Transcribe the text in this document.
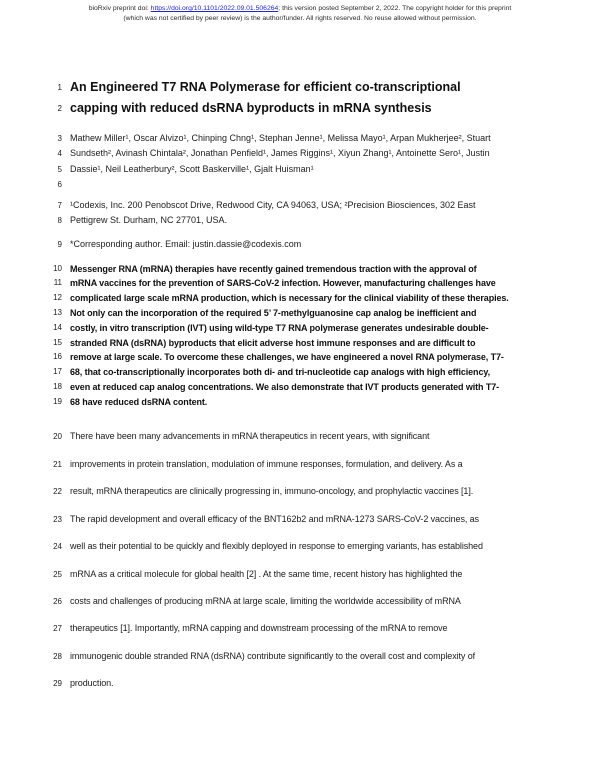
bioRxiv preprint doi: https://doi.org/10.1101/2022.09.01.506264; this version posted September 2, 2022. The copyright holder for this preprint
(which was not certified by peer review) is the author/funder. All rights reserved. No reuse allowed without permission.
1 An Engineered T7 RNA Polymerase for efficient co-transcriptional
2 capping with reduced dsRNA byproducts in mRNA synthesis
3 Mathew Miller¹, Oscar Alvizo¹, Chinping Chng¹, Stephan Jenne¹, Melissa Mayo¹, Arpan Mukherjee², Stuart
4 Sundseth², Avinash Chintala², Jonathan Penfield¹, James Riggins¹, Xiyun Zhang¹, Antoinette Sero¹, Justin
5 Dassie¹, Neil Leatherbury², Scott Baskerville¹, Gjalt Huisman¹
6
7 ¹Codexis, Inc. 200 Penobscot Drive, Redwood City, CA 94063, USA; ²Precision Biosciences, 302 East
8 Pettigrew St. Durham, NC 27701, USA.
9 *Corresponding author. Email: justin.dassie@codexis.com
10 Messenger RNA (mRNA) therapies have recently gained tremendous traction with the approval of
11 mRNA vaccines for the prevention of SARS-CoV-2 infection. However, manufacturing challenges have
12 complicated large scale mRNA production, which is necessary for the clinical viability of these therapies.
13 Not only can the incorporation of the required 5’ 7-methylguanosine cap analog be inefficient and
14 costly, in vitro transcription (IVT) using wild-type T7 RNA polymerase generates undesirable double-
15 stranded RNA (dsRNA) byproducts that elicit adverse host immune responses and are difficult to
16 remove at large scale. To overcome these challenges, we have engineered a novel RNA polymerase, T7-
17 68, that co-transcriptionally incorporates both di- and tri-nucleotide cap analogs with high efficiency,
18 even at reduced cap analog concentrations. We also demonstrate that IVT products generated with T7-
19 68 have reduced dsRNA content.
20 There have been many advancements in mRNA therapeutics in recent years, with significant
21 improvements in protein translation, modulation of immune responses, formulation, and delivery. As a
22 result, mRNA therapeutics are clinically progressing in, immuno-oncology, and prophylactic vaccines [1].
23 The rapid development and overall efficacy of the BNT162b2 and mRNA-1273 SARS-CoV-2 vaccines, as
24 well as their potential to be quickly and flexibly deployed in response to emerging variants, has established
25 mRNA as a critical molecule for global health [2] . At the same time, recent history has highlighted the
26 costs and challenges of producing mRNA at large scale, limiting the worldwide accessibility of mRNA
27 therapeutics [1]. Importantly, mRNA capping and downstream processing of the mRNA to remove
28 immunogenic double stranded RNA (dsRNA) contribute significantly to the overall cost and complexity of
29 production.
